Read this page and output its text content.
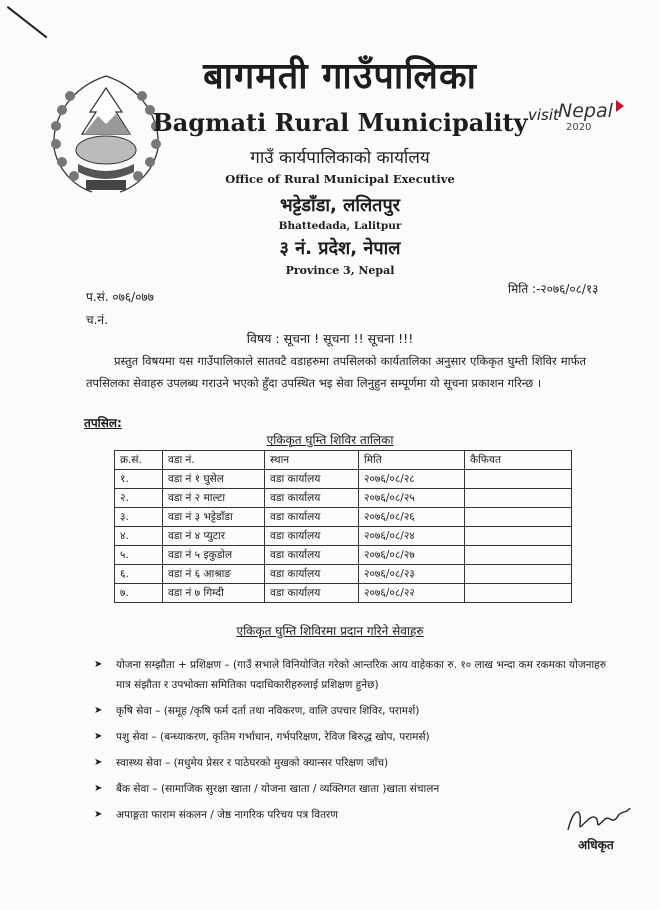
visit Nepal
2020
बागमती गाउँपालिका
Bagmati Rural Municipality
गाउँ कार्यपालिकाको कार्यालय
Office of Rural Municipal Executive
भट्टेडाँडा, ललितपुर
Bhattedada, Lalitpur
३ नं. प्रदेश, नेपाल
Province 3, Nepal
प.सं. ०७६/०७७
च.नं.
मिति :-२०७६/०८/१३
विषय : सूचना ! सूचना !! सूचना !!!
प्रस्तुत विषयमा यस गाउँपालिकाले सातवटै वडाहरुमा तपसिलको कार्यतालिका अनुसार एकिकृत घुम्ती शिविर मार्फत तपसिलका सेवाहरु उपलब्ध गराउने भएको हुँदा उपस्थित भइ सेवा लिनुहुन सम्पूर्णमा यो सूचना प्रकाशन गरिन्छ ।
तपसिल:
एकिकृत घुम्ति शिविर तालिका
क्र.सं.	वडा नं.	स्थान	मिति	कैफियत
१.	वडा नं १ घुसेल	वडा कार्यालय	२०७६/०८/२८	
२.	वडा नं २ माल्टा	वडा कार्यालय	२०७६/०८/२५	
३.	वडा नं ३ भट्टेडाँडा	वडा कार्यालय	२०७६/०८/२६	
४.	वडा नं ४ प्युटार	वडा कार्यालय	२०७६/०८/२४	
५.	वडा नं ५ इकुडोल	वडा कार्यालय	२०७६/०८/२७	
६.	वडा नं ६ आश्राङ	वडा कार्यालय	२०७६/०८/२३	
७.	वडा नं ७ गिम्दी	वडा कार्यालय	२०७६/०८/२२	
एकिकृत घुम्ति शिविरमा प्रदान गरिने सेवाहरु
➤ योजना सम्झौता + प्रशिक्षण – (गाउँ सभाले विनियोजित गरेको आन्तरिक आय वाहेकका रु. १० लाख भन्दा कम रकमका योजनाहरु मात्र संझौता र उपभोक्ता समितिका पदाधिकारीहरुलाई प्रशिक्षण हुनेछ)
➤ कृषि सेवा – (समूह /कृषि फर्म दर्ता तथा नविकरण, वालि उपचार शिविर, परामर्श)
➤ पशु सेवा – (बन्ध्याकरण, कृतिम गर्भाधान, गर्भपरिक्षण, रेविज बिरुद्ध खोप, परामर्स)
➤ स्वास्थ्य सेवा – (मधुमेय प्रेसर र पाठेघरको मुखको क्यान्सर परिक्षण जाँच)
➤ बैंक सेवा – (सामाजिक सुरक्षा खाता / योजना खाता / व्यक्तिगत खाता )खाता संचालन
➤ अपाङ्गता फाराम संकलन / जेष्ठ नागरिक परिचय पत्र वितरण
अधिकृत
